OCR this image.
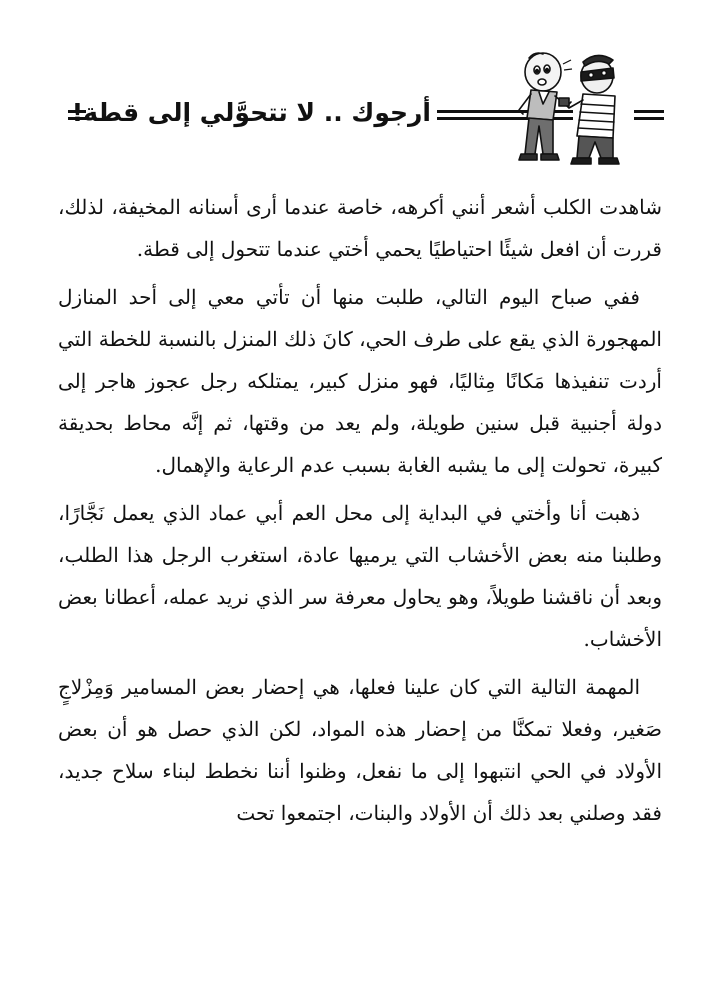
أرجوك .. لا تتحوَّلي إلى قطة!

شاهدت الكلب أشعر أنني أكرهه، خاصة عندما أرى أسنانه المخيفة، لذلك، قررت أن افعل شيئًا احتياطيًا يحمي أختي عندما تتحول إلى قطة.

ففي صباح اليوم التالي، طلبت منها أن تأتي معي إلى أحد المنازل المهجورة الذي يقع على طرف الحي، كانَ ذلك المنزل بالنسبة للخطة التي أردت تنفيذها مَكانًا مِثاليًا، فهو منزل كبير، يمتلكه رجل عجوز هاجر إلى دولة أجنبية قبل سنين طويلة، ولم يعد من وقتها، ثم إنَّه محاط بحديقة كبيرة، تحولت إلى ما يشبه الغابة بسبب عدم الرعاية والإهمال.

ذهبت أنا وأختي في البداية إلى محل العم أبي عماد الذي يعمل نَجَّارًا، وطلبنا منه بعض الأخشاب التي يرميها عادة، استغرب الرجل هذا الطلب، وبعد أن ناقشنا طويلاً، وهو يحاول معرفة سر الذي نريد عمله، أعطانا بعض الأخشاب.

المهمة التالية التي كان علينا فعلها، هي إحضار بعض المسامير وَمِزْلاجٍ صَغير، وفعلا تمكنَّا من إحضار هذه المواد، لكن الذي حصل هو أن بعض الأولاد في الحي انتبهوا إلى ما نفعل، وظنوا أننا نخطط لبناء سلاح جديد، فقد وصلني بعد ذلك أن الأولاد والبنات، اجتمعوا تحت
